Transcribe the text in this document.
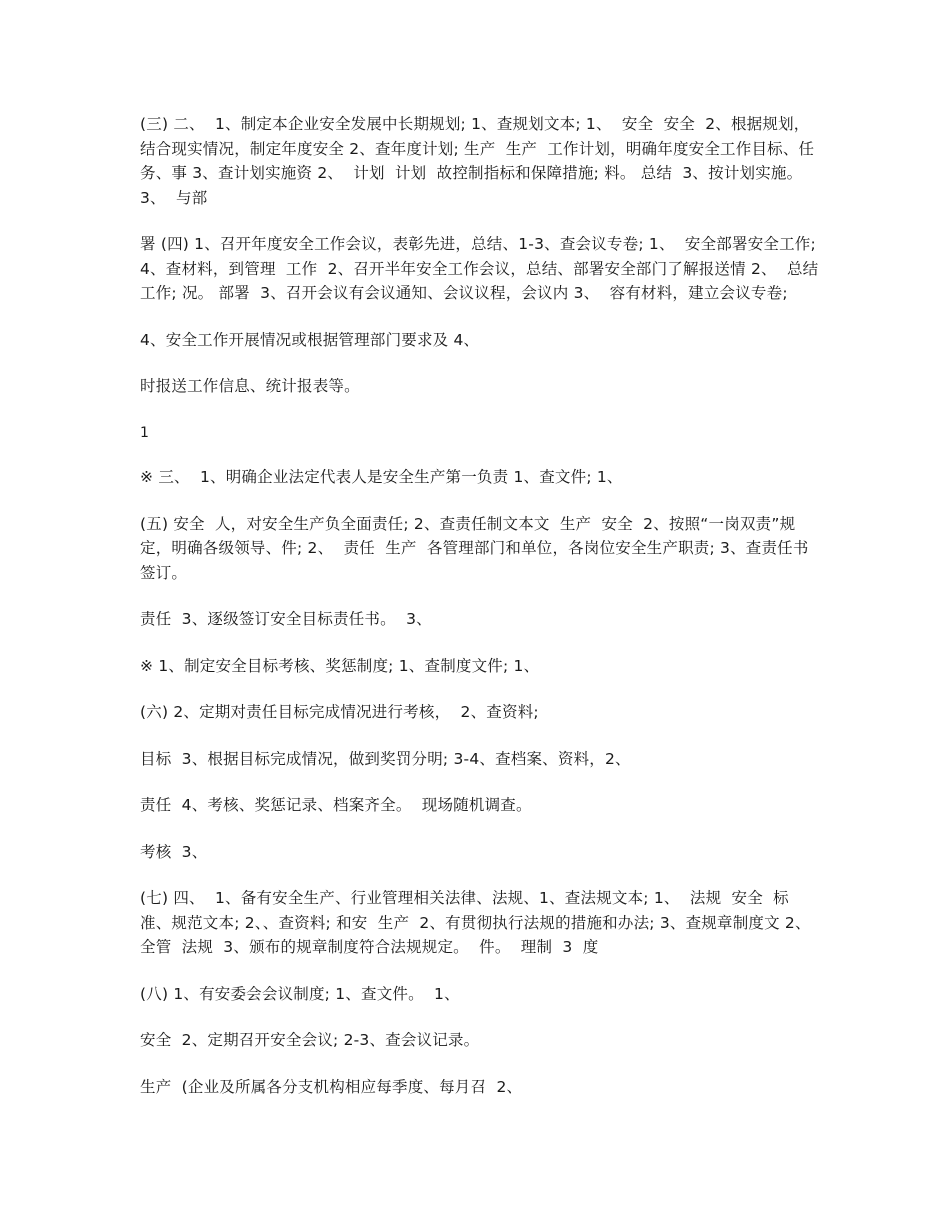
(三) 二、  1、制定本企业安全发展中长期规划; 1、查规划文本; 1、  安全  安全  2、根据规划，结合现实情况，制定年度安全 2、查年度计划; 生产  生产  工作计划，明确年度安全工作目标、任务、事 3、查计划实施资 2、  计划  计划  故控制指标和保障措施; 料。 总结  3、按计划实施。  3、  与部

署 (四) 1、召开年度安全工作会议，表彰先进，总结、1-3、查会议专卷; 1、  安全部署安全工作; 4、查材料，到管理  工作  2、召开半年安全工作会议，总结、部署安全部门了解报送情 2、  总结  工作; 况。 部署  3、召开会议有会议通知、会议议程，会议内 3、  容有材料，建立会议专卷;

4、安全工作开展情况或根据管理部门要求及 4、

时报送工作信息、统计报表等。

1

※ 三、  1、明确企业法定代表人是安全生产第一负责 1、查文件; 1、

(五) 安全  人，对安全生产负全面责任; 2、查责任制文本文  生产  安全  2、按照“一岗双责”规定，明确各级领导、件; 2、  责任  生产  各管理部门和单位，各岗位安全生产职责; 3、查责任书签订。

责任  3、逐级签订安全目标责任书。  3、

※ 1、制定安全目标考核、奖惩制度; 1、查制度文件; 1、

(六) 2、定期对责任目标完成情况进行考核，  2、查资料;

目标  3、根据目标完成情况，做到奖罚分明; 3-4、查档案、资料，2、

责任  4、考核、奖惩记录、档案齐全。  现场随机调查。

考核  3、

(七) 四、  1、备有安全生产、行业管理相关法律、法规、1、查法规文本; 1、  法规  安全  标准、规范文本; 2、、查资料; 和安  生产  2、有贯彻执行法规的措施和办法; 3、查规章制度文 2、  全管  法规  3、颁布的规章制度符合法规规定。  件。  理制  3  度

(八) 1、有安委会会议制度; 1、查文件。  1、

安全  2、定期召开安全会议; 2-3、查会议记录。

生产  (企业及所属各分支机构相应每季度、每月召  2、
